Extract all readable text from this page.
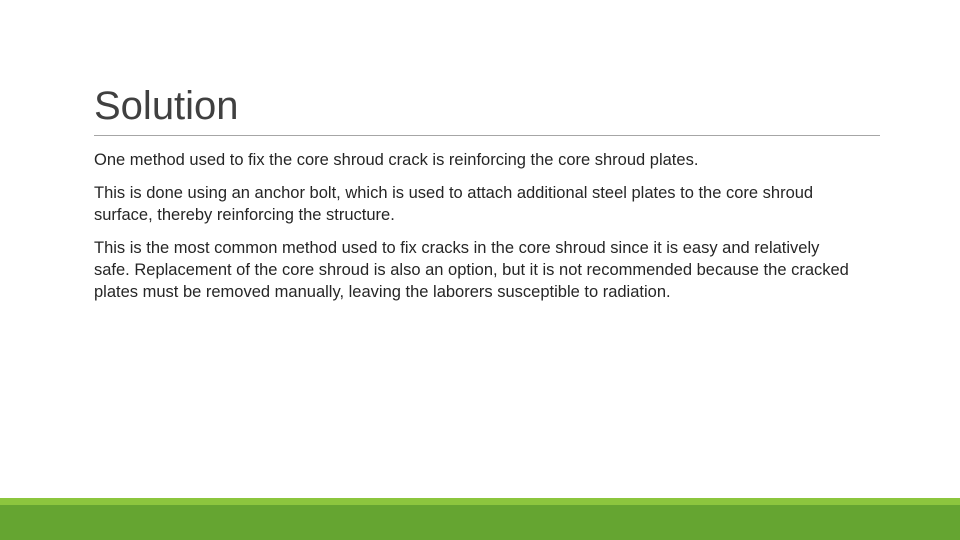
Solution

One method used to fix the core shroud crack is reinforcing the core shroud plates.

This is done using an anchor bolt, which is used to attach additional steel plates to the core shroud surface, thereby reinforcing the structure.

This is the most common method used to fix cracks in the core shroud since it is easy and relatively safe. Replacement of the core shroud is also an option, but it is not recommended because the cracked plates must be removed manually, leaving the laborers susceptible to radiation.
